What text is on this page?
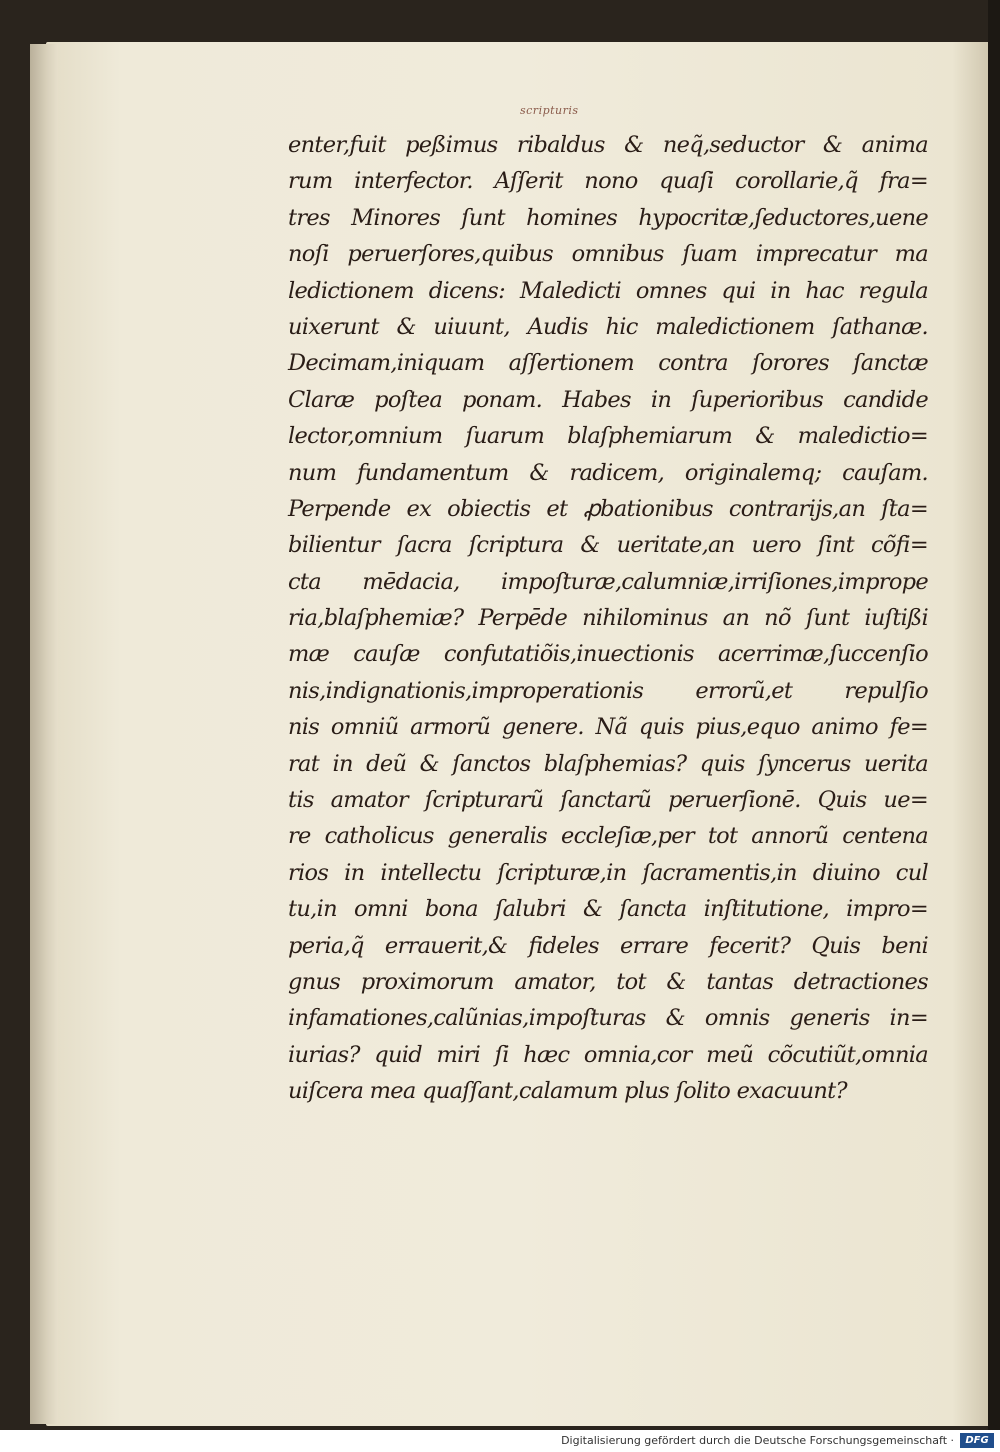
scripturis
enter,fuit peßimus ribaldus & neq̃,seductor & anima
rum interfector. Aſſerit nono quaſi corollarie,q̃ fra=
tres Minores ſunt homines hypocritæ,ſeductores,uene
noſi peruerſores,quibus omnibus ſuam imprecatur ma
ledictionem dicens: Maledicti omnes qui in hac regula
uixerunt & uiuunt, Audis hic maledictionem ſathanæ.
Decimam,iniquam aſſertionem contra ſorores ſanctæ
Claræ poſtea ponam. Habes in ſuperioribus candide
lector,omnium ſuarum blaſphemiarum & maledictio=
num fundamentum & radicem, originalemq; cauſam.
Perpende ex obiectis et ꝓbationibus contrarijs,an ſta=
bilientur ſacra ſcriptura & ueritate,an uero ſint cõfi=
cta mēdacia, impoſturæ,calumniæ,irriſiones,imprope
ria,blaſphemiæ? Perpēde nihilominus an nõ ſunt iuſtißi
mæ cauſæ confutatiõis,inuectionis acerrimæ,ſuccenſio
nis,indignationis,improperationis errorũ,et repulſio
nis omniũ armorũ genere. Nã quis pius,equo animo fe=
rat in deũ & ſanctos blaſphemias? quis ſyncerus uerita
tis amator ſcripturarũ ſanctarũ peruerſionē. Quis ue=
re catholicus generalis eccleſiæ,per tot annorũ centena
rios in intellectu ſcripturæ,in ſacramentis,in diuino cul
tu,in omni bona ſalubri & ſancta inſtitutione, impro=
peria,q̃ errauerit,& fideles errare fecerit? Quis beni
gnus proximorum amator, tot & tantas detractiones
infamationes,calũnias,impoſturas & omnis generis in=
iurias? quid miri ſi hæc omnia,cor meũ cõcutiũt,omnia
uiſcera mea quaſſant,calamum plus ſolito exacuunt?
Digitalisierung gefördert durch die Deutsche Forschungsgemeinschaft ·	DFG
